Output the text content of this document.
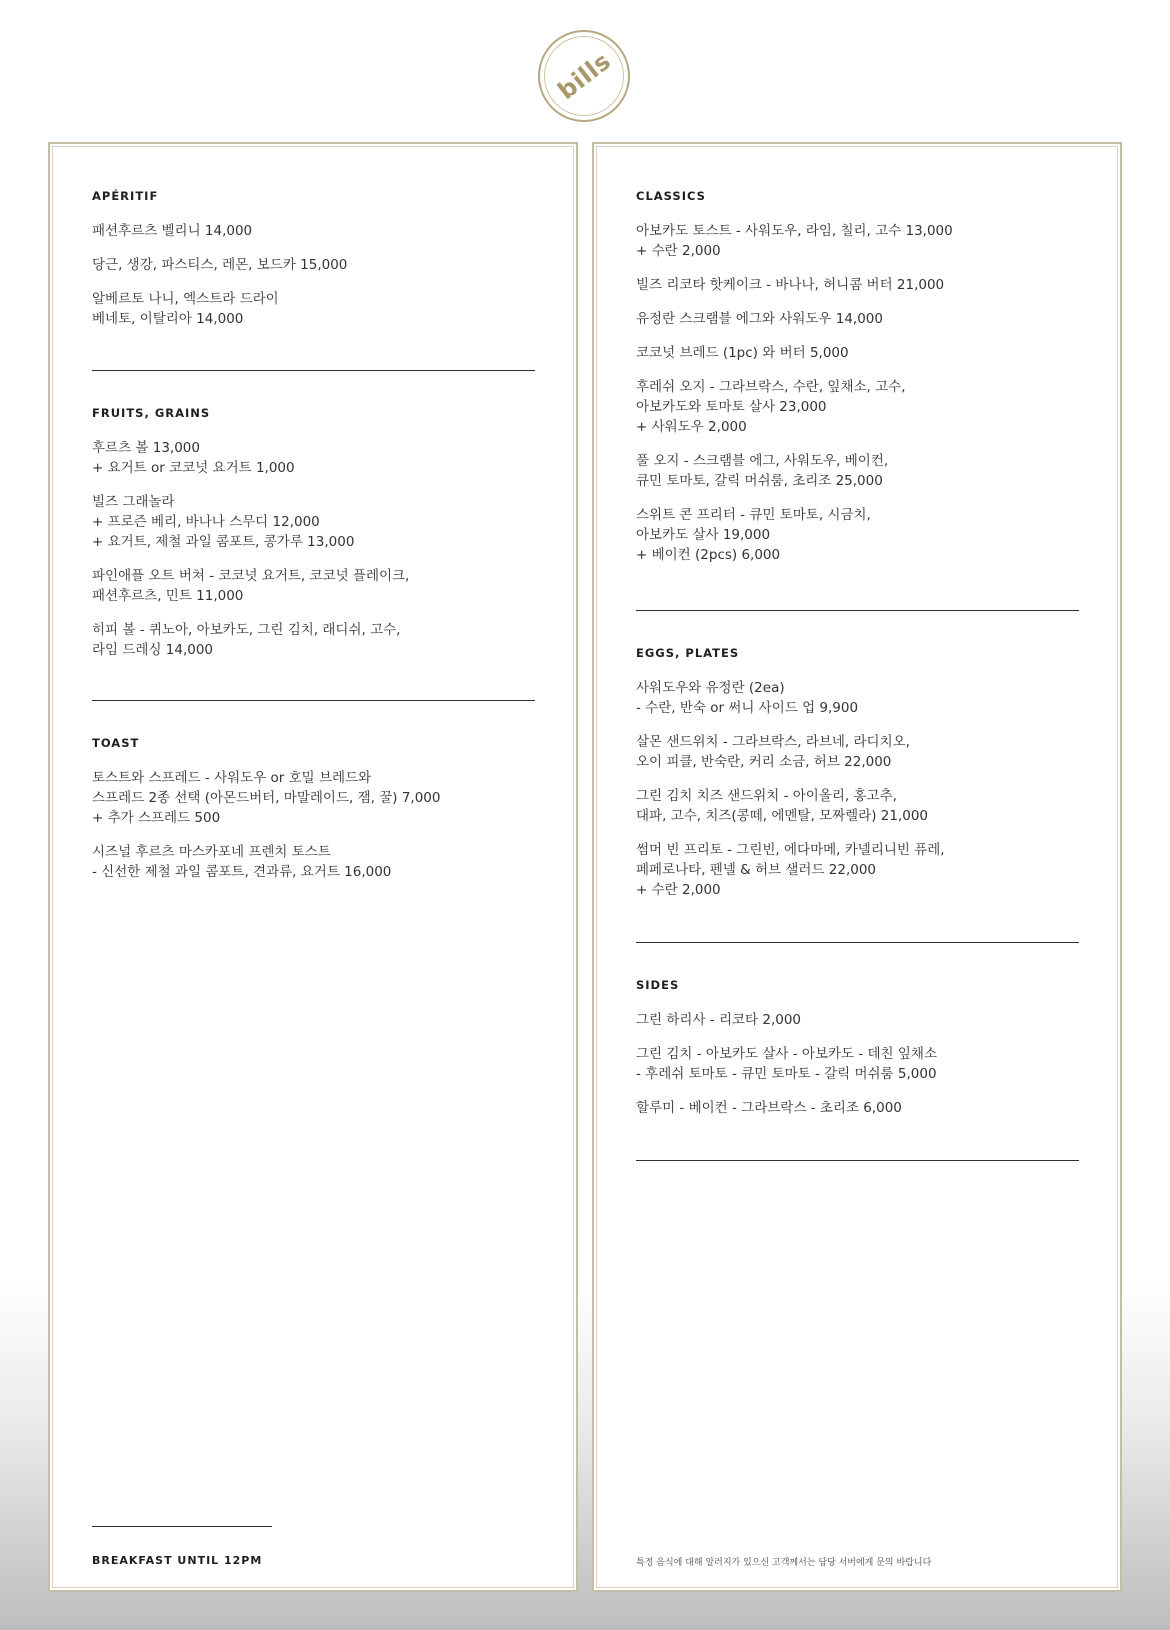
bills
APÉRITIF
패션후르츠 벨리니 14,000
당근, 생강, 파스티스, 레몬, 보드카 15,000
알베르토 나니, 엑스트라 드라이
베네토, 이탈리아 14,000
FRUITS, GRAINS
후르츠 볼 13,000
+ 요거트 or 코코넛 요거트 1,000
빌즈 그래놀라
+ 프로즌 베리, 바나나 스무디 12,000
+ 요거트, 제철 과일 콤포트, 콩가루 13,000
파인애플 오트 버쳐 - 코코넛 요거트, 코코넛 플레이크,
패션후르츠, 민트 11,000
히피 볼 - 퀴노아, 아보카도, 그린 김치, 래디쉬, 고수,
라임 드레싱 14,000
TOAST
토스트와 스프레드 - 사워도우 or 호밀 브레드와
스프레드 2종 선택 (아몬드버터, 마말레이드, 잼, 꿀) 7,000
+ 추가 스프레드 500
시즈널 후르츠 마스카포네 프렌치 토스트
- 신선한 제철 과일 콤포트, 견과류, 요거트 16,000
BREAKFAST UNTIL 12PM
CLASSICS
아보카도 토스트 - 사워도우, 라임, 칠리, 고수 13,000
+ 수란 2,000
빌즈 리코타 핫케이크 - 바나나, 허니콤 버터 21,000
유정란 스크램블 에그와 사워도우 14,000
코코넛 브레드 (1pc) 와 버터 5,000
후레쉬 오지 - 그라브락스, 수란, 잎채소, 고수,
아보카도와 토마토 살사 23,000
+ 사워도우 2,000
풀 오지 - 스크램블 에그, 사워도우, 베이컨,
큐민 토마토, 갈릭 머쉬룸, 초리조 25,000
스위트 콘 프리터 - 큐민 토마토, 시금치,
아보카도 살사 19,000
+ 베이컨 (2pcs) 6,000
EGGS, PLATES
사워도우와 유정란 (2ea)
- 수란, 반숙 or 써니 사이드 업 9,900
살몬 샌드위치 - 그라브락스, 라브네, 라디치오,
오이 피클, 반숙란, 커리 소금, 허브 22,000
그린 김치 치즈 샌드위치 - 아이올리, 홍고추,
대파, 고수, 치즈(콩떼, 에멘탈, 모짜렐라) 21,000
썸머 빈 프리토 - 그린빈, 에다마메, 카넬리니빈 퓨레,
페페로나타, 펜넬 & 허브 샐러드 22,000
+ 수란 2,000
SIDES
그린 하리사 - 리코타 2,000
그린 김치 - 아보카도 살사 - 아보카도 - 데친 잎채소
- 후레쉬 토마토 - 큐민 토마토 - 갈릭 머쉬룸 5,000
할루미 - 베이컨 - 그라브락스 - 초리조 6,000
특정 음식에 대해 알러지가 있으신 고객께서는 담당 서버에게 문의 바랍니다
